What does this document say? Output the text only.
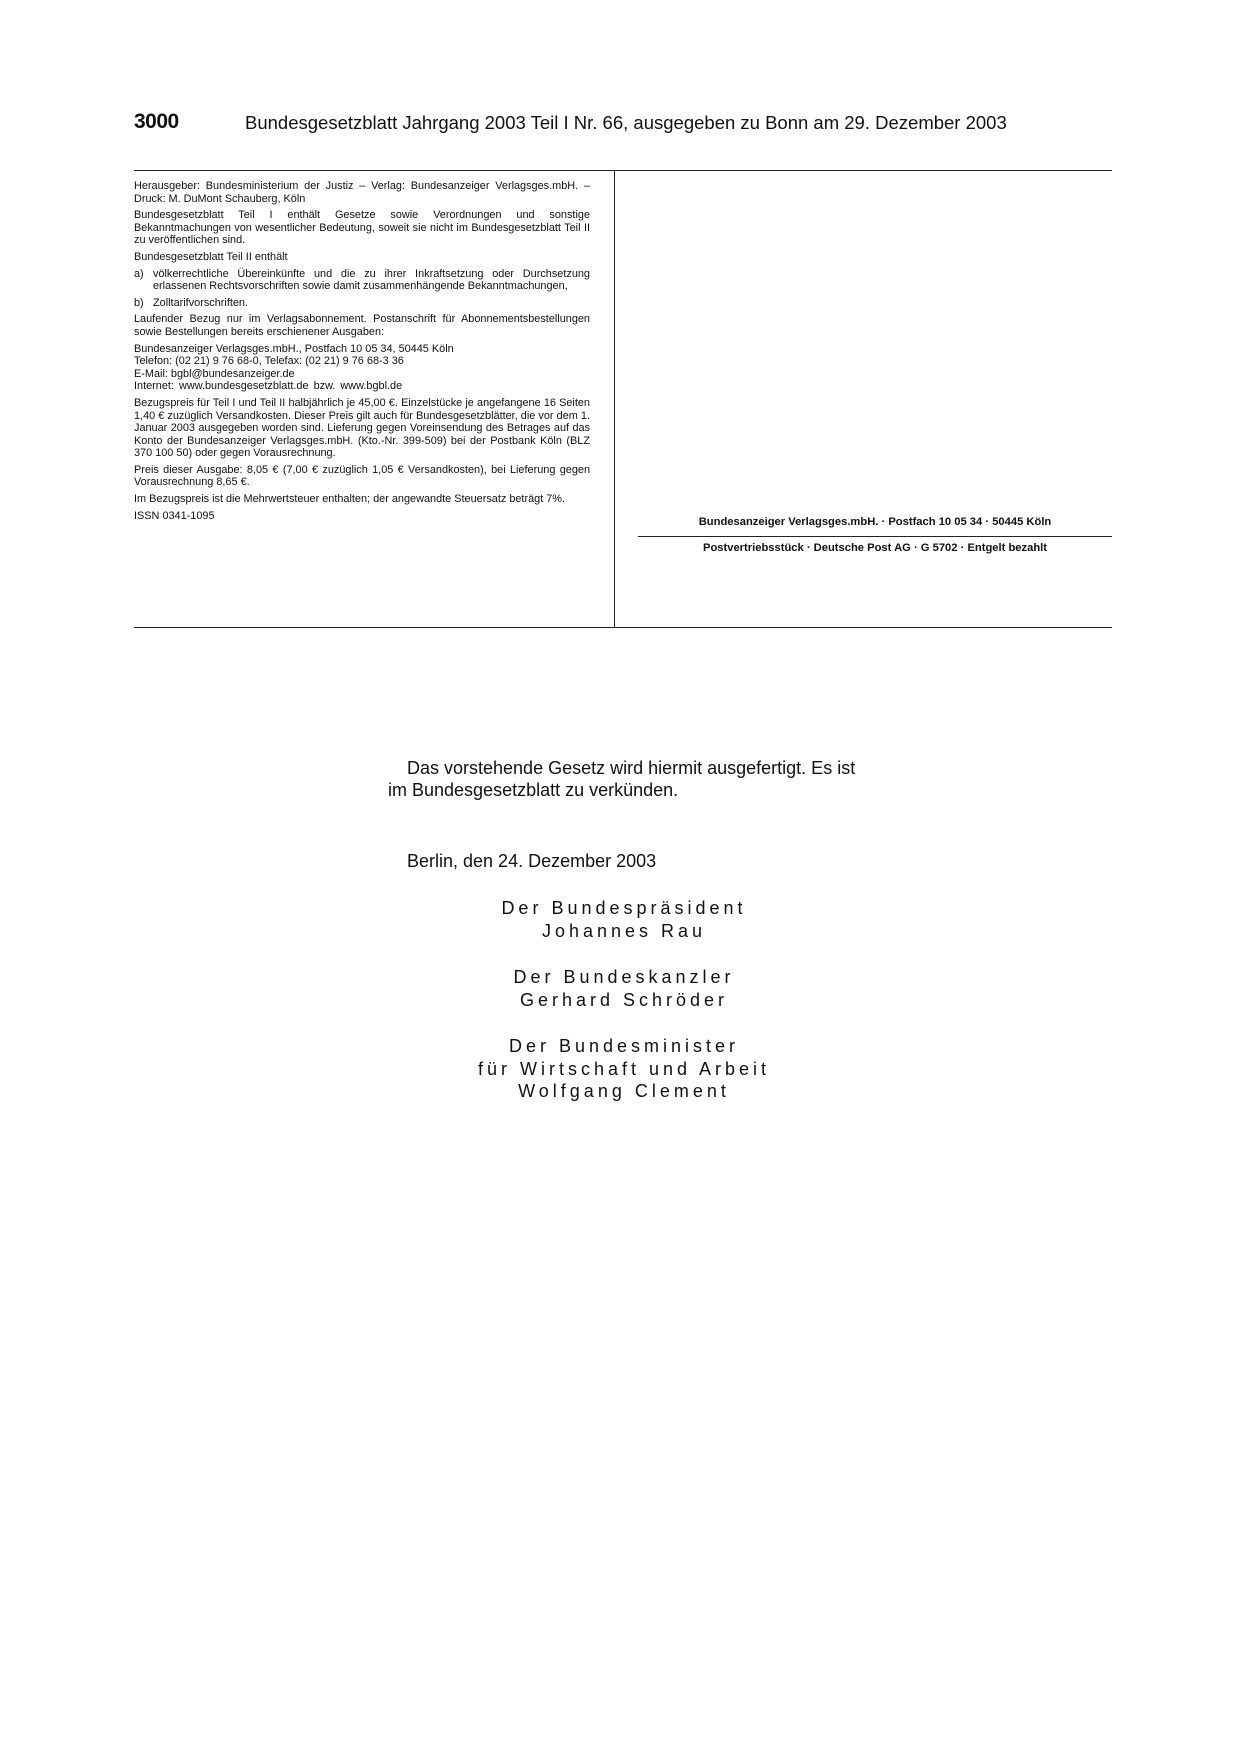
3000	Bundesgesetzblatt Jahrgang 2003 Teil I Nr. 66, ausgegeben zu Bonn am 29. Dezember 2003

Herausgeber: Bundesministerium der Justiz – Verlag: Bundesanzeiger Verlagsges.mbH. – Druck: M. DuMont Schauberg, Köln

Bundesgesetzblatt Teil I enthält Gesetze sowie Verordnungen und sonstige Bekanntmachungen von wesentlicher Bedeutung, soweit sie nicht im Bundesgesetzblatt Teil II zu veröffentlichen sind.

Bundesgesetzblatt Teil II enthält

a) völkerrechtliche Übereinkünfte und die zu ihrer Inkraftsetzung oder Durchsetzung erlassenen Rechtsvorschriften sowie damit zusammenhängende Bekanntmachungen,
b) Zolltarifvorschriften.

Laufender Bezug nur im Verlagsabonnement. Postanschrift für Abonnementsbestellungen sowie Bestellungen bereits erschienener Ausgaben:

Bundesanzeiger Verlagsges.mbH., Postfach 10 05 34, 50445 Köln

Telefon: (02 21) 9 76 68-0, Telefax: (02 21) 9 76 68-3 36

E-Mail: bgbl@bundesanzeiger.de

Internet: www.bundesgesetzblatt.de bzw. www.bgbl.de

Bezugspreis für Teil I und Teil II halbjährlich je 45,00 €. Einzelstücke je angefangene 16 Seiten 1,40 € zuzüglich Versandkosten. Dieser Preis gilt auch für Bundesgesetzblätter, die vor dem 1. Januar 2003 ausgegeben worden sind. Lieferung gegen Voreinsendung des Betrages auf das Konto der Bundesanzeiger Verlagsges.mbH. (Kto.-Nr. 399-509) bei der Postbank Köln (BLZ 370 100 50) oder gegen Vorausrechnung.

Preis dieser Ausgabe: 8,05 € (7,00 € zuzüglich 1,05 € Versandkosten), bei Lieferung gegen Vorausrechnung 8,65 €.

Im Bezugspreis ist die Mehrwertsteuer enthalten; der angewandte Steuersatz beträgt 7%.

ISSN 0341-1095

Bundesanzeiger Verlagsges.mbH. · Postfach 10 05 34 · 50445 Köln
Postvertriebsstück · Deutsche Post AG · G 5702 · Entgelt bezahlt
Das vorstehende Gesetz wird hiermit ausgefertigt. Es ist im Bundesgesetzblatt zu verkünden.
Berlin, den 24. Dezember 2003
Der Bundespräsident
Johannes Rau
Der Bundeskanzler
Gerhard Schröder
Der Bundesminister
für Wirtschaft und Arbeit
Wolfgang Clement
